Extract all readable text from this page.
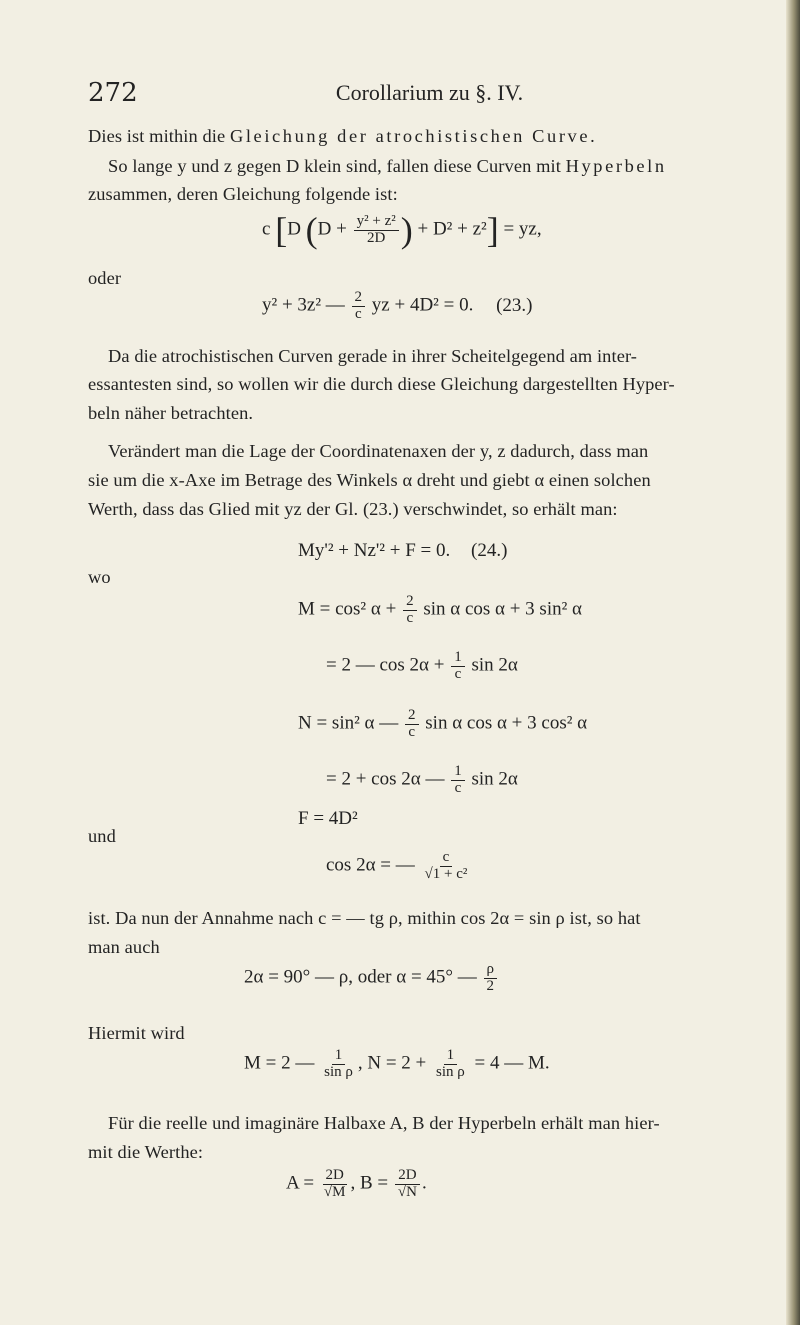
272	Corollarium zu §. IV.
Dies ist mithin die Gleichung der atrochistischen Curve.
So lange y und z gegen D klein sind, fallen diese Curven mit Hyperbeln
zusammen, deren Gleichung folgende ist:
c [D ($D + \frac{\text{y² + z²}}{2D}$ ) + D² + z²] = yz,
oder
y² + 3z² — $\frac{2}{c}$ yz + 4D² = 0. (23.)
Da die atrochistischen Curven gerade in ihrer Scheitelgegend am inter-
essantesten sind, so wollen wir die durch diese Gleichung dargestellten Hyper-
beln näher betrachten.
Verändert man die Lage der Coordinatenaxen der y, z dadurch, dass man
sie um die x-Axe im Betrage des Winkels α dreht und giebt α einen solchen
Werth, dass das Glied mit yz der Gl. (23.) verschwindet, so erhält man:
My'² + Nz'² + F = 0. (24.)
wo
M = cos² $\alpha + \frac{2}{c}$ sin α cos α + 3 sin² α
= 2 — $\cos 2\alpha + \frac{1}{c}$ sin 2α
N = sin² α — $\frac{2}{c}$ sin α cos α + 3 cos² α
= 2 + cos 2α — $\frac{1}{c}$ sin 2α
F = 4D²
und
cos 2α = — $\frac{c}{\text{√1 + c²}}$
ist. Da nun der Annahme nach c = — tg ρ, mithin cos 2α = sin ρ ist, so hat
man auch
2α = 90° — ρ, oder α = 45° — $\frac{\rho}{2}$
Hiermit wird
M = 2 — $\frac{1}{\text{sin ρ}}$ , $N = 2 + \frac{1}{\text{sin ρ}} = 4$ — M.
Für die reelle und imaginäre Halbaxe A, B der Hyperbeln erhält man hier-
mit die Werthe:
$A = \frac{2D}{√M}$ , $B = \frac{2D}{√N}$ .
